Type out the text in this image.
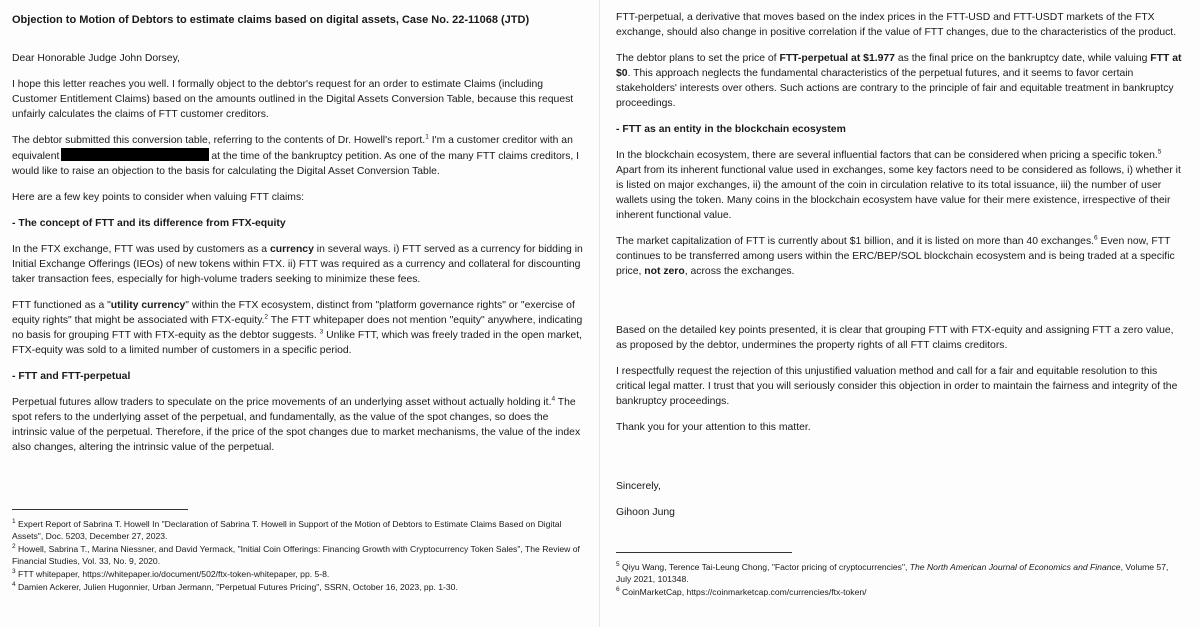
Objection to Motion of Debtors to estimate claims based on digital assets, Case No. 22-11068 (JTD)

Dear Honorable Judge John Dorsey,

I hope this letter reaches you well. I formally object to the debtor's request for an order to estimate Claims (including Customer Entitlement Claims) based on the amounts outlined in the Digital Assets Conversion Table, because this request unfairly calculates the claims of FTT customer creditors.

The debtor submitted this conversion table, referring to the contents of Dr. Howell's report.$^1$ I'm a customer creditor with an equivalent	at the time of the bankruptcy petition. As one of the many FTT claims creditors, I would like to raise an objection to the basis for calculating the Digital Asset Conversion Table.

Here are a few key points to consider when valuing FTT claims:

- The concept of FTT and its difference from FTX-equity

In the FTX exchange, FTT was used by customers as a currency in several ways. i) FTT served as a currency for bidding in Initial Exchange Offerings (IEOs) of new tokens within FTX. ii) FTT was required as a currency and collateral for discounting taker transaction fees, especially for high-volume traders seeking to minimize these fees.

FTT functioned as a "utility currency" within the FTX ecosystem, distinct from "platform governance rights" or "exercise of equity rights" that might be associated with FTX-equity.$^2$ The FTT whitepaper does not mention "equity" anywhere, indicating no basis for grouping FTT with FTX-equity as the debtor suggests. $^3$ Unlike FTT, which was freely traded in the open market, FTX-equity was sold to a limited number of customers in a specific period.

- FTT and FTT-perpetual

Perpetual futures allow traders to speculate on the price movements of an underlying asset without actually holding it.$^4$ The spot refers to the underlying asset of the perpetual, and fundamentally, as the value of the spot changes, so does the intrinsic value of the perpetual. Therefore, if the price of the spot changes due to market mechanisms, the value of the index also changes, altering the intrinsic value of the perpetual.

$^1$ Expert Report of Sabrina T. Howell In "Declaration of Sabrina T. Howell in Support of the Motion of Debtors to Estimate Claims Based on Digital Assets", Doc. 5203, December 27, 2023.

$^2$ Howell, Sabrina T., Marina Niessner, and David Yermack, "Initial Coin Offerings: Financing Growth with Cryptocurrency Token Sales", The Review of Financial Studies, Vol. 33, No. 9, 2020.

$^3$ FTT whitepaper, https://whitepaper.io/document/502/ftx-token-whitepaper, pp. 5-8.

$^4$ Damien Ackerer, Julien Hugonnier, Urban Jermann, "Perpetual Futures Pricing", SSRN, October 16, 2023, pp. 1-30.

FTT-perpetual, a derivative that moves based on the index prices in the FTT-USD and FTT-USDT markets of the FTX exchange, should also change in positive correlation if the value of FTT changes, due to the characteristics of the product.

The debtor plans to set the price of FTT-perpetual at $1.977 as the final price on the bankruptcy date, while valuing FTT at $0. This approach neglects the fundamental characteristics of the perpetual futures, and it seems to favor certain stakeholders' interests over others. Such actions are contrary to the principle of fair and equitable treatment in bankruptcy proceedings.

- FTT as an entity in the blockchain ecosystem

In the blockchain ecosystem, there are several influential factors that can be considered when pricing a specific token.$^5$ Apart from its inherent functional value used in exchanges, some key factors need to be considered as follows, i) whether it is listed on major exchanges, ii) the amount of the coin in circulation relative to its total issuance, iii) the number of user wallets using the token. Many coins in the blockchain ecosystem have value for their mere existence, irrespective of their inherent functional value.

The market capitalization of FTT is currently about $1 billion, and it is listed on more than 40 exchanges.$^6$ Even now, FTT continues to be transferred among users within the ERC/BEP/SOL blockchain ecosystem and is being traded at a specific price, not zero, across the exchanges.

Based on the detailed key points presented, it is clear that grouping FTT with FTX-equity and assigning FTT a zero value, as proposed by the debtor, undermines the property rights of all FTT claims creditors.

I respectfully request the rejection of this unjustified valuation method and call for a fair and equitable resolution to this critical legal matter. I trust that you will seriously consider this objection in order to maintain the fairness and integrity of the bankruptcy proceedings.

Thank you for your attention to this matter.

Sincerely,

Gihoon Jung

$^5$ Qiyu Wang, Terence Tai-Leung Chong, "Factor pricing of cryptocurrencies", The North American Journal of Economics and Finance, Volume 57, July 2021, 101348.

$^6$ CoinMarketCap, https://coinmarketcap.com/currencies/ftx-token/
